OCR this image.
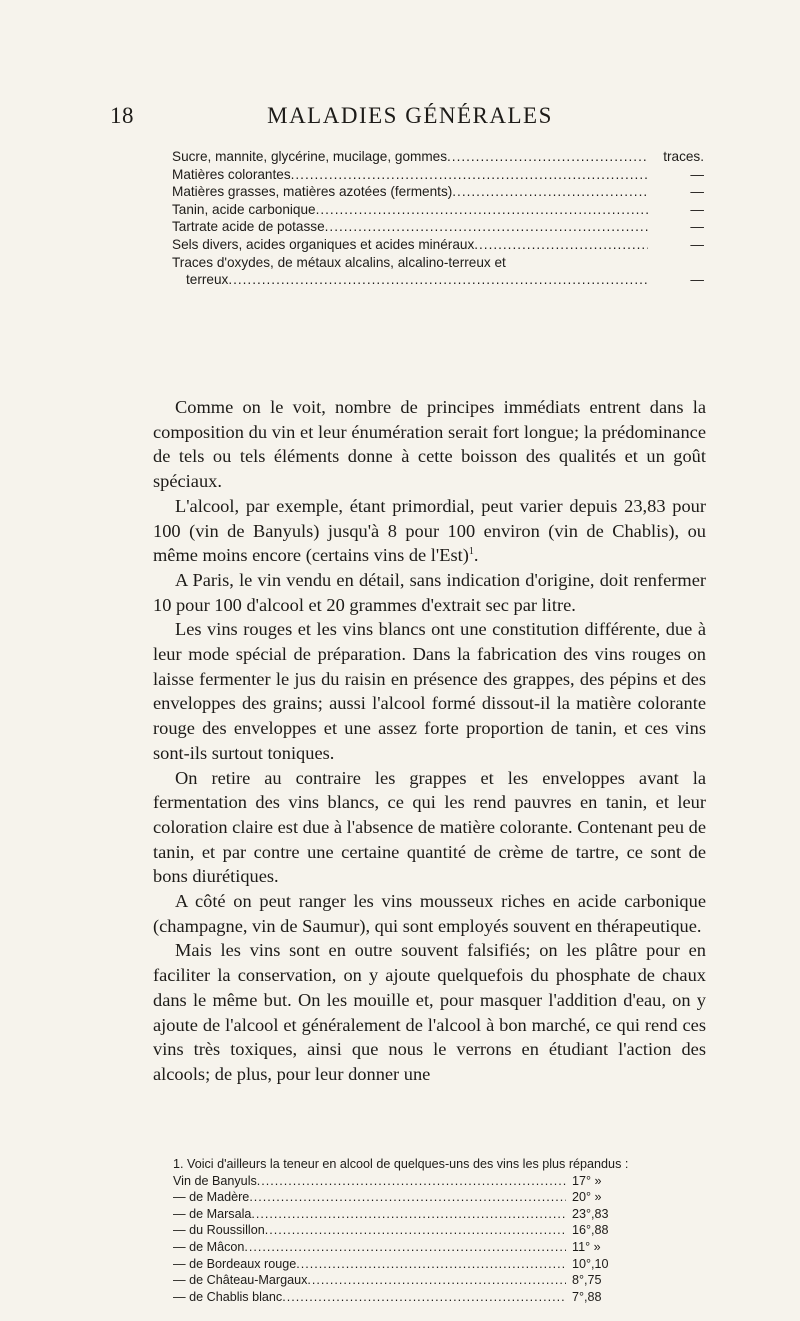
18	MALADIES GÉNÉRALES
Sucre, mannite, glycérine, mucilage, gommes .....	traces.
Matières colorantes .....	—
Matières grasses, matières azotées (ferments) .....	—
Tanin, acide carbonique .....	—
Tartrate acide de potasse .....	—
Sels divers, acides organiques et acides minéraux .....	—
Traces d'oxydes, de métaux alcalins, alcalino-terreux et
terreux .....	—

Comme on le voit, nombre de principes immédiats entrent dans la composition du vin et leur énumération serait fort longue; la prédominance de tels ou tels éléments donne à cette boisson des qualités et un goût spéciaux.

L'alcool, par exemple, étant primordial, peut varier depuis 23,83 pour 100 (vin de Banyuls) jusqu'à 8 pour 100 environ (vin de Chablis), ou même moins encore (certains vins de l'Est)$^1$.

A Paris, le vin vendu en détail, sans indication d'origine, doit renfermer 10 pour 100 d'alcool et 20 grammes d'extrait sec par litre.

Les vins rouges et les vins blancs ont une constitution différente, due à leur mode spécial de préparation. Dans la fabrication des vins rouges on laisse fermenter le jus du raisin en présence des grappes, des pépins et des enveloppes des grains; aussi l'alcool formé dissout-il la matière colorante rouge des enveloppes et une assez forte proportion de tanin, et ces vins sont-ils surtout toniques.

On retire au contraire les grappes et les enveloppes avant la fermentation des vins blancs, ce qui les rend pauvres en tanin, et leur coloration claire est due à l'absence de matière colorante. Contenant peu de tanin, et par contre une certaine quantité de crème de tartre, ce sont de bons diurétiques.

A côté on peut ranger les vins mousseux riches en acide carbonique (champagne, vin de Saumur), qui sont employés souvent en thérapeutique.

Mais les vins sont en outre souvent falsifiés; on les plâtre pour en faciliter la conservation, on y ajoute quelquefois du phosphate de chaux dans le même but. On les mouille et, pour masquer l'addition d'eau, on y ajoute de l'alcool et généralement de l'alcool à bon marché, ce qui rend ces vins très toxiques, ainsi que nous le verrons en étudiant l'action des alcools; de plus, pour leur donner une

1. Voici d'ailleurs la teneur en alcool de quelques-uns des vins les plus répandus :
Vin de Banyuls .....	17° »
— de Madère .....	20° »
— de Marsala .....	23°,83
— du Roussillon .....	16°,88
— de Mâcon .....	11° »
— de Bordeaux rouge .....	10°,10
— de Château-Margaux .....	8°,75
— de Chablis blanc .....	7°,88
